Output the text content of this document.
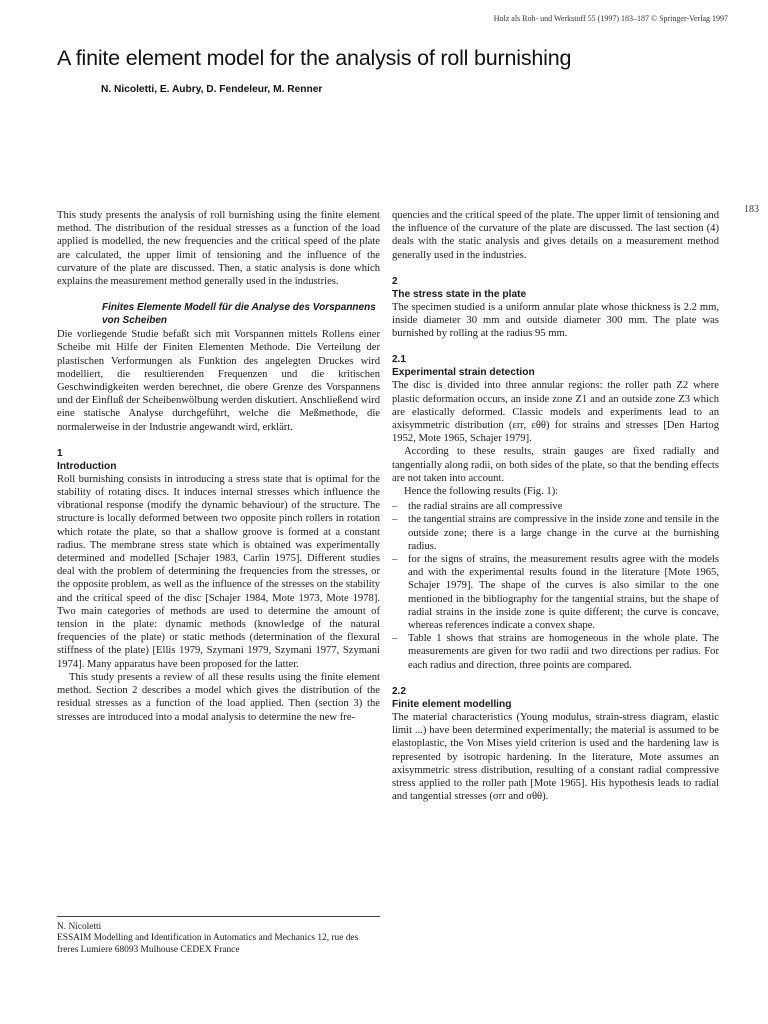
Holz als Roh- und Werkstoff 55 (1997) 183–187 © Springer-Verlag 1997
183
A finite element model for the analysis of roll burnishing
N. Nicoletti, E. Aubry, D. Fendeleur, M. Renner

This study presents the analysis of roll burnishing using the finite element method. The distribution of the residual stresses as a function of the load applied is modelled, the new frequencies and the critical speed of the plate are calculated, the upper limit of tensioning and the influence of the curvature of the plate are discussed. Then, a static analysis is done which explains the measurement method generally used in the industries.

Finites Elemente Modell für die Analyse des Vorspannens von Scheiben

Die vorliegende Studie befaßt sich mit Vorspannen mittels Rollens einer Scheibe mit Hilfe der Finiten Elementen Methode. Die Verteilung der plastischen Verformungen als Funktion des angelegten Druckes wird modelliert, die resultierenden Frequenzen und die kritischen Geschwindigkeiten werden berechnet, die obere Grenze des Vorspannens und der Einfluß der Scheibenwölbung werden diskutiert. Anschließend wird eine statische Analyse durchgeführt, welche die Meßmethode, die normalerweise in der Industrie angewandt wird, erklärt.

1
Introduction

Roll burnishing consists in introducing a stress state that is optimal for the stability of rotating discs. It induces internal stresses which influence the vibrational response (modify the dynamic behaviour) of the structure. The structure is locally deformed between two opposite pinch rollers in rotation which rotate the plate, so that a shallow groove is formed at a constant radius. The membrane stress state which is obtained was experimentally determined and modelled [Schajer 1983, Carlin 1975]. Different studies deal with the problem of determining the frequencies from the stresses, or the opposite problem, as well as the influence of the stresses on the stability and the critical speed of the disc [Schajer 1984, Mote 1973, Mote 1978]. Two main categories of methods are used to determine the amount of tension in the plate: dynamic methods (knowledge of the natural frequencies of the plate) or static methods (determination of the flexural stiffness of the plate) [Ellis 1979, Szymani 1979, Szymani 1977, Szymani 1974]. Many apparatus have been proposed for the latter.

This study presents a review of all these results using the finite element method. Section 2 describes a model which gives the distribution of the residual stresses as a function of the load applied. Then (section 3) the stresses are introduced into a modal analysis to determine the new fre-

N. Nicoletti
ESSAIM Modelling and Identification in Automatics and Mechanics 12, rue des freres Lumiere 68093 Mulhouse CEDEX France

quencies and the critical speed of the plate. The upper limit of tensioning and the influence of the curvature of the plate are discussed. The last section (4) deals with the static analysis and gives details on a measurement method generally used in the industries.

2
The stress state in the plate

The specimen studied is a uniform annular plate whose thickness is 2.2 mm, inside diameter 30 mm and outside diameter 300 mm. The plate was burnished by rolling at the radius 95 mm.

2.1
Experimental strain detection

The disc is divided into three annular regions: the roller path Z2 where plastic deformation occurs, an inside zone Z1 and an outside zone Z3 which are elastically deformed. Classic models and experiments lead to an axisymmetric distribution (εrr, εθθ) for strains and stresses [Den Hartog 1952, Mote 1965, Schajer 1979].

According to these results, strain gauges are fixed radially and tangentially along radii, on both sides of the plate, so that the bending effects are not taken into account.

Hence the following results (Fig. 1):

– the radial strains are all compressive
– the tangential strains are compressive in the inside zone and tensile in the outside zone; there is a large change in the curve at the burnishing radius.
– for the signs of strains, the measurement results agree with the models and with the experimental results found in the literature [Mote 1965, Schajer 1979]. The shape of the curves is also similar to the one mentioned in the bibliography for the tangential strains, but the shape of radial strains in the inside zone is quite different; the curve is concave, whereas references indicate a convex shape.
– Table 1 shows that strains are homogeneous in the whole plate. The measurements are given for two radii and two directions per radius. For each radius and direction, three points are compared.
2.2
Finite element modelling

The material characteristics (Young modulus, strain-stress diagram, elastic limit ...) have been determined experimentally; the material is assumed to be elastoplastic, the Von Mises yield criterion is used and the hardening law is represented by isotropic hardening. In the literature, Mote assumes an axisymmetric stress distribution, resulting of a constant radial compressive stress applied to the roller path [Mote 1965]. His hypothesis leads to radial and tangential stresses (σrr and σθθ).
